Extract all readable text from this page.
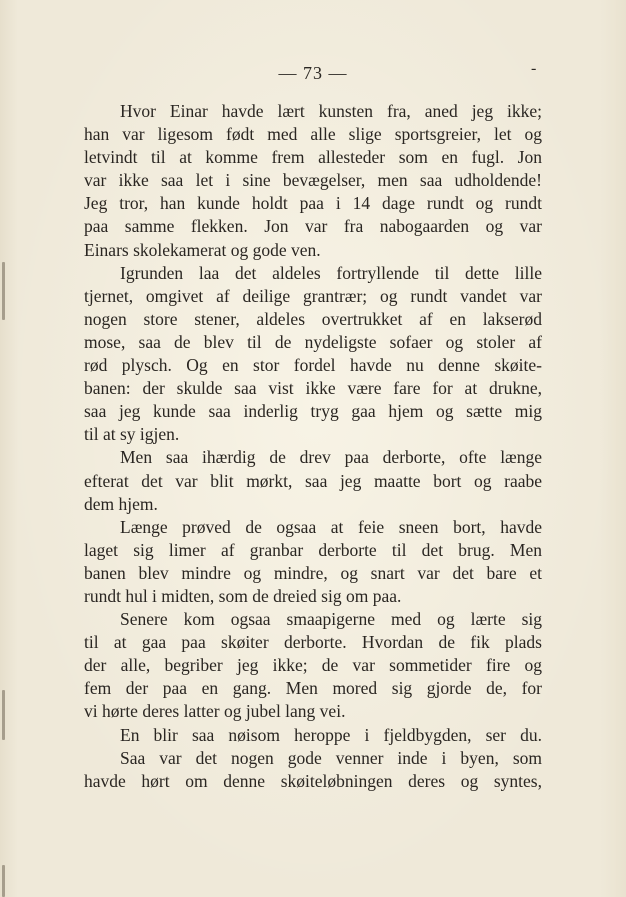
— 73 —	-
Hvor Einar havde lært kunsten fra, aned jeg ikke;
han var ligesom født med alle slige sportsgreier, let og
letvindt til at komme frem allesteder som en fugl. Jon
var ikke saa let i sine bevægelser, men saa udholdende!
Jeg tror, han kunde holdt paa i 14 dage rundt og rundt
paa samme flekken. Jon var fra nabogaarden og var
Einars skolekamerat og gode ven.
Igrunden laa det aldeles fortryllende til dette lille
tjernet, omgivet af deilige grantrær; og rundt vandet var
nogen store stener, aldeles overtrukket af en lakserød
mose, saa de blev til de nydeligste sofaer og stoler af
rød plysch. Og en stor fordel havde nu denne skøite-
banen: der skulde saa vist ikke være fare for at drukne,
saa jeg kunde saa inderlig tryg gaa hjem og sætte mig
til at sy igjen.
Men saa ihærdig de drev paa derborte, ofte længe
efterat det var blit mørkt, saa jeg maatte bort og raabe
dem hjem.
Længe prøved de ogsaa at feie sneen bort, havde
laget sig limer af granbar derborte til det brug. Men
banen blev mindre og mindre, og snart var det bare et
rundt hul i midten, som de dreied sig om paa.
Senere kom ogsaa smaapigerne med og lærte sig
til at gaa paa skøiter derborte. Hvordan de fik plads
der alle, begriber jeg ikke; de var sommetider fire og
fem der paa en gang. Men mored sig gjorde de, for
vi hørte deres latter og jubel lang vei.
En blir saa nøisom heroppe i fjeldbygden, ser du.
Saa var det nogen gode venner inde i byen, som
havde hørt om denne skøiteløbningen deres og syntes,
